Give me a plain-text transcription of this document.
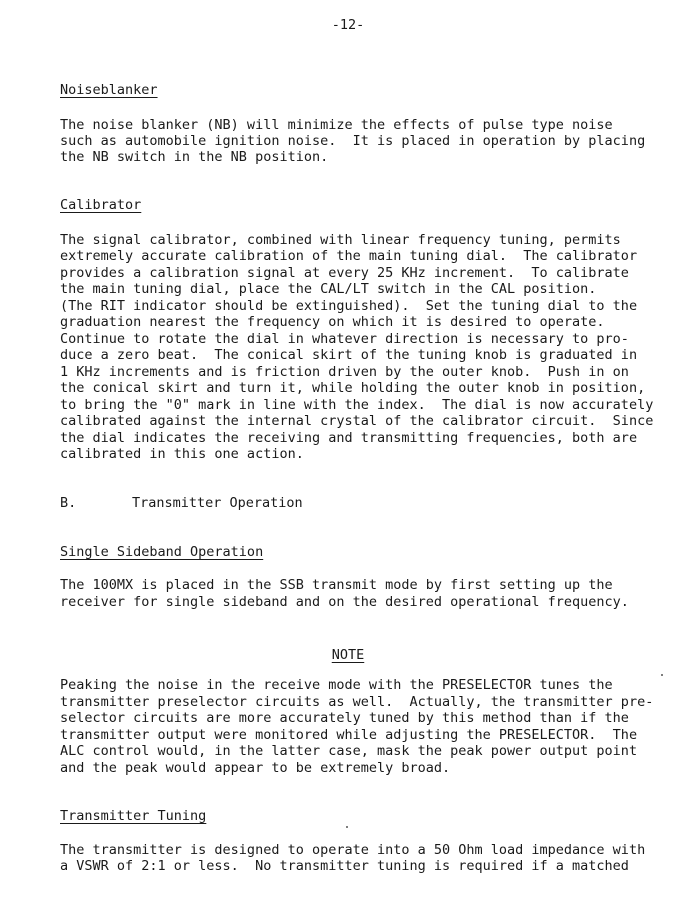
-12-
Noiseblanker
The noise blanker (NB) will minimize the effects of pulse type noise
such as automobile ignition noise.  It is placed in operation by placing
the NB switch in the NB position.
Calibrator
The signal calibrator, combined with linear frequency tuning, permits
extremely accurate calibration of the main tuning dial.  The calibrator
provides a calibration signal at every 25 KHz increment.  To calibrate
the main tuning dial, place the CAL/LT switch in the CAL position.
(The RIT indicator should be extinguished).  Set the tuning dial to the
graduation nearest the frequency on which it is desired to operate.
Continue to rotate the dial in whatever direction is necessary to pro-
duce a zero beat.  The conical skirt of the tuning knob is graduated in
1 KHz increments and is friction driven by the outer knob.  Push in on
the conical skirt and turn it, while holding the outer knob in position,
to bring the "0" mark in line with the index.  The dial is now accurately
calibrated against the internal crystal of the calibrator circuit.  Since
the dial indicates the receiving and transmitting frequencies, both are
calibrated in this one action.
B.	Transmitter Operation
Single Sideband Operation
The 100MX is placed in the SSB transmit mode by first setting up the
receiver for single sideband and on the desired operational frequency.
NOTE
Peaking the noise in the receive mode with the PRESELECTOR tunes the
transmitter preselector circuits as well.  Actually, the transmitter pre-
selector circuits are more accurately tuned by this method than if the
transmitter output were monitored while adjusting the PRESELECTOR.  The
ALC control would, in the latter case, mask the peak power output point
and the peak would appear to be extremely broad.
Transmitter Tuning
The transmitter is designed to operate into a 50 Ohm load impedance with
a VSWR of 2:1 or less.  No transmitter tuning is required if a matched
